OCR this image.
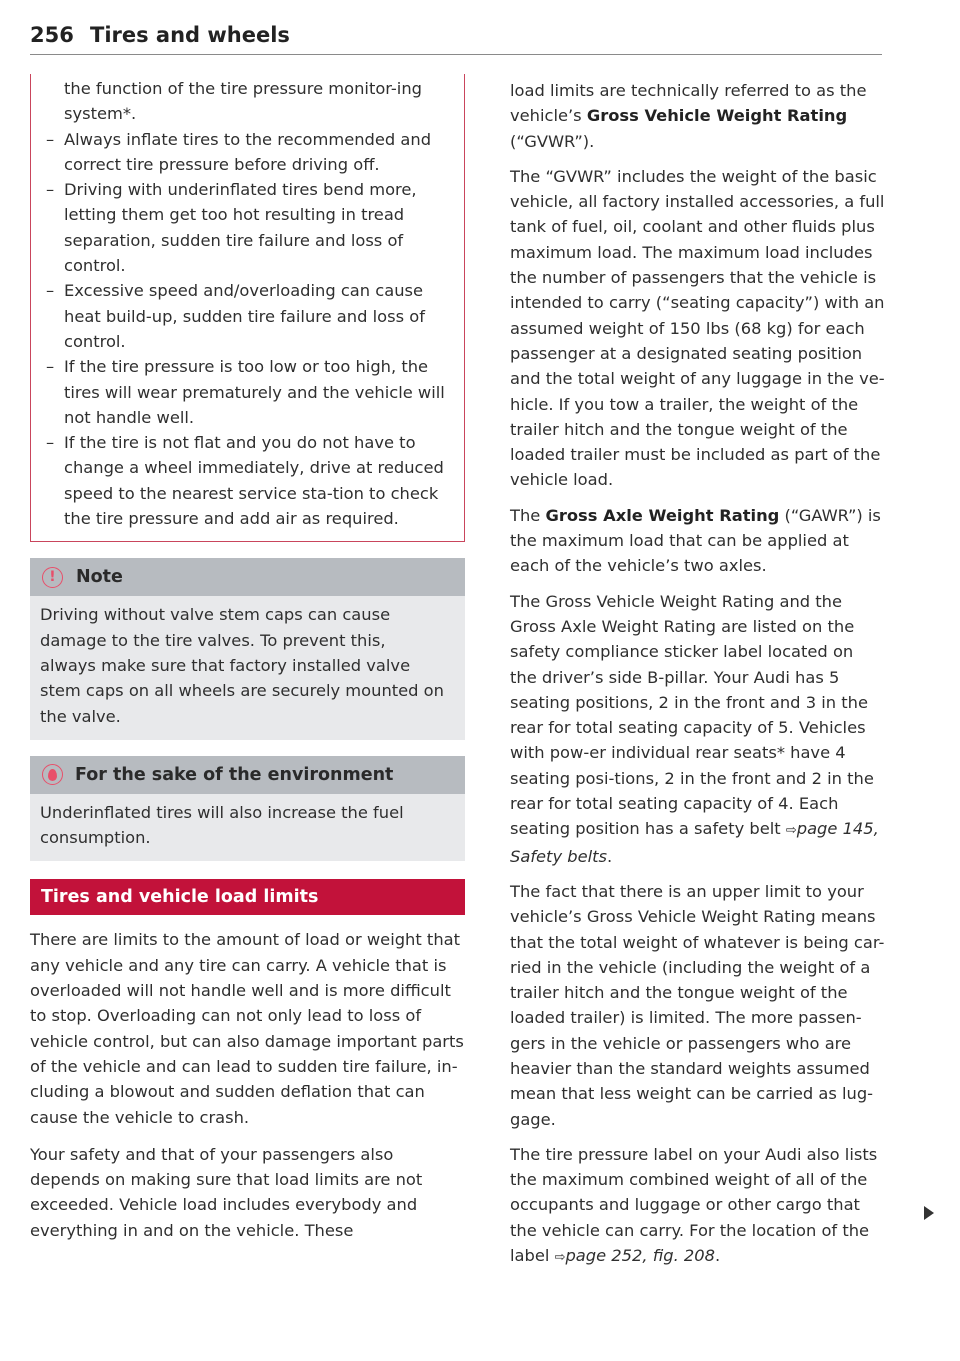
256 Tires and wheels

the function of the tire pressure monitor-ing system*.

– Always inflate tires to the recommended and correct tire pressure before driving off.
– Driving with underinflated tires bend more, letting them get too hot resulting in tread separation, sudden tire failure and loss of control.
– Excessive speed and/overloading can cause heat build-up, sudden tire failure and loss of control.
– If the tire pressure is too low or too high, the tires will wear prematurely and the vehicle will not handle well.
– If the tire is not flat and you do not have to change a wheel immediately, drive at reduced speed to the nearest service sta-tion to check the tire pressure and add air as required.
!	Note
Driving without valve stem caps can cause damage to the tire valves. To prevent this, always make sure that factory installed valve stem caps on all wheels are securely mounted on the valve.
For the sake of the environment
Underinflated tires will also increase the fuel consumption.
Tires and vehicle load limits

There are limits to the amount of load or weight that any vehicle and any tire can carry. A vehicle that is overloaded will not handle well and is more difficult to stop. Overloading can not only lead to loss of vehicle control, but can also damage important parts of the vehicle and can lead to sudden tire failure, in-cluding a blowout and sudden deflation that can cause the vehicle to crash.

Your safety and that of your passengers also depends on making sure that load limits are not exceeded. Vehicle load includes everybody and everything in and on the vehicle. These

load limits are technically referred to as the vehicle’s Gross Vehicle Weight Rating (“GVWR”).

The “GVWR” includes the weight of the basic vehicle, all factory installed accessories, a full tank of fuel, oil, coolant and other fluids plus maximum load. The maximum load includes the number of passengers that the vehicle is intended to carry (“seating capacity”) with an assumed weight of 150 lbs (68 kg) for each passenger at a designated seating position and the total weight of any luggage in the ve-hicle. If you tow a trailer, the weight of the trailer hitch and the tongue weight of the loaded trailer must be included as part of the vehicle load.

The Gross Axle Weight Rating (“GAWR”) is the maximum load that can be applied at each of the vehicle’s two axles.

The Gross Vehicle Weight Rating and the Gross Axle Weight Rating are listed on the safety compliance sticker label located on the driver’s side B-pillar. Your Audi has 5 seating positions, 2 in the front and 3 in the rear for total seating capacity of 5. Vehicles with pow-er individual rear seats* have 4 seating posi-tions, 2 in the front and 2 in the rear for total seating capacity of 4. Each seating position has a safety belt ⇨page 145, Safety belts.

The fact that there is an upper limit to your vehicle’s Gross Vehicle Weight Rating means that the total weight of whatever is being car-ried in the vehicle (including the weight of a trailer hitch and the tongue weight of the loaded trailer) is limited. The more passen-gers in the vehicle or passengers who are heavier than the standard weights assumed mean that less weight can be carried as lug-gage.

The tire pressure label on your Audi also lists the maximum combined weight of all of the occupants and luggage or other cargo that the vehicle can carry. For the location of the label ⇨page 252, fig. 208.
